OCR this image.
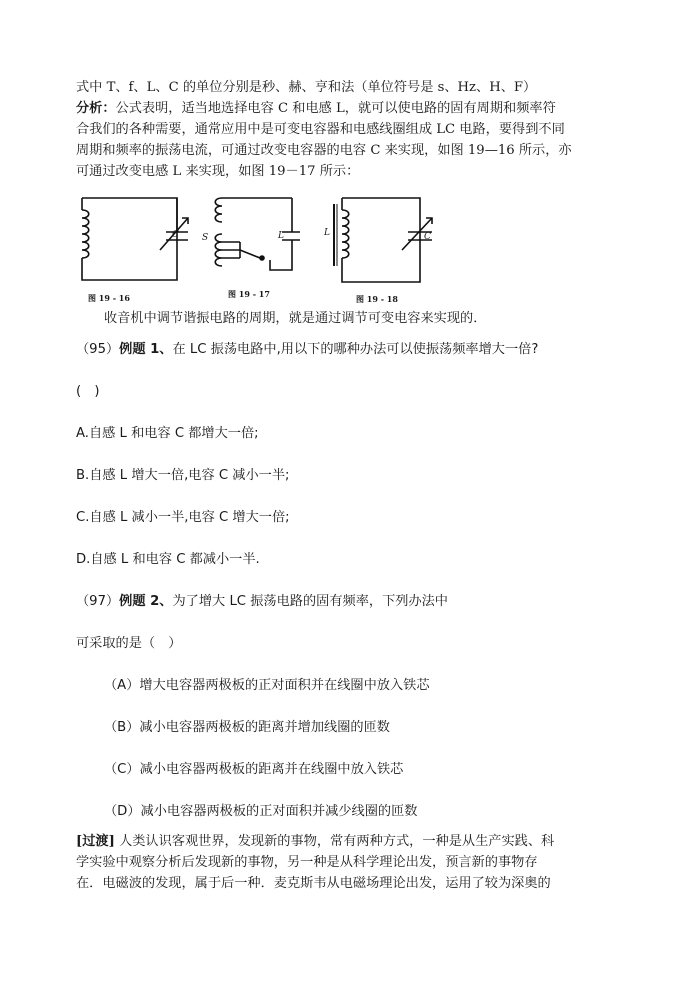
式中 T、f、L、C 的单位分别是秒、赫、亨和法（单位符号是 s、Hz、H、F）
分析：公式表明，适当地选择电容 C 和电感 L，就可以使电路的固有周期和频率符
合我们的各种需要，通常应用中是可变电容器和电感线圈组成 LC 电路，要得到不同
周期和频率的振荡电流，可通过改变电容器的电容 C 来实现，如图 19—16 所示，亦
可通过改变电感 L 来实现，如图 19－17 所示：
C
图 19 - 16
S	L
图 19 - 17
L	C
图 19 - 18
收音机中调节谐振电路的周期，就是通过调节可变电容来实现的．
（95）例题 1、在 LC 振荡电路中,用以下的哪种办法可以使振荡频率增大一倍?
(　)
A.自感 L 和电容 C 都增大一倍;
B.自感 L 增大一倍,电容 C 减小一半;
C.自感 L 减小一半,电容 C 增大一倍;
D.自感 L 和电容 C 都减小一半.
（97）例题 2、为了增大 LC 振荡电路的固有频率，下列办法中
可采取的是（　）
（A）增大电容器两极板的正对面积并在线圈中放入铁芯
（B）减小电容器两极板的距离并增加线圈的匝数
（C）减小电容器两极板的距离并在线圈中放入铁芯
（D）减小电容器两极板的正对面积并减少线圈的匝数
[过渡] 人类认识客观世界，发现新的事物，常有两种方式，一种是从生产实践、科
学实验中观察分析后发现新的事物，另一种是从科学理论出发，预言新的事物存
在．电磁波的发现，属于后一种．麦克斯韦从电磁场理论出发，运用了较为深奥的
